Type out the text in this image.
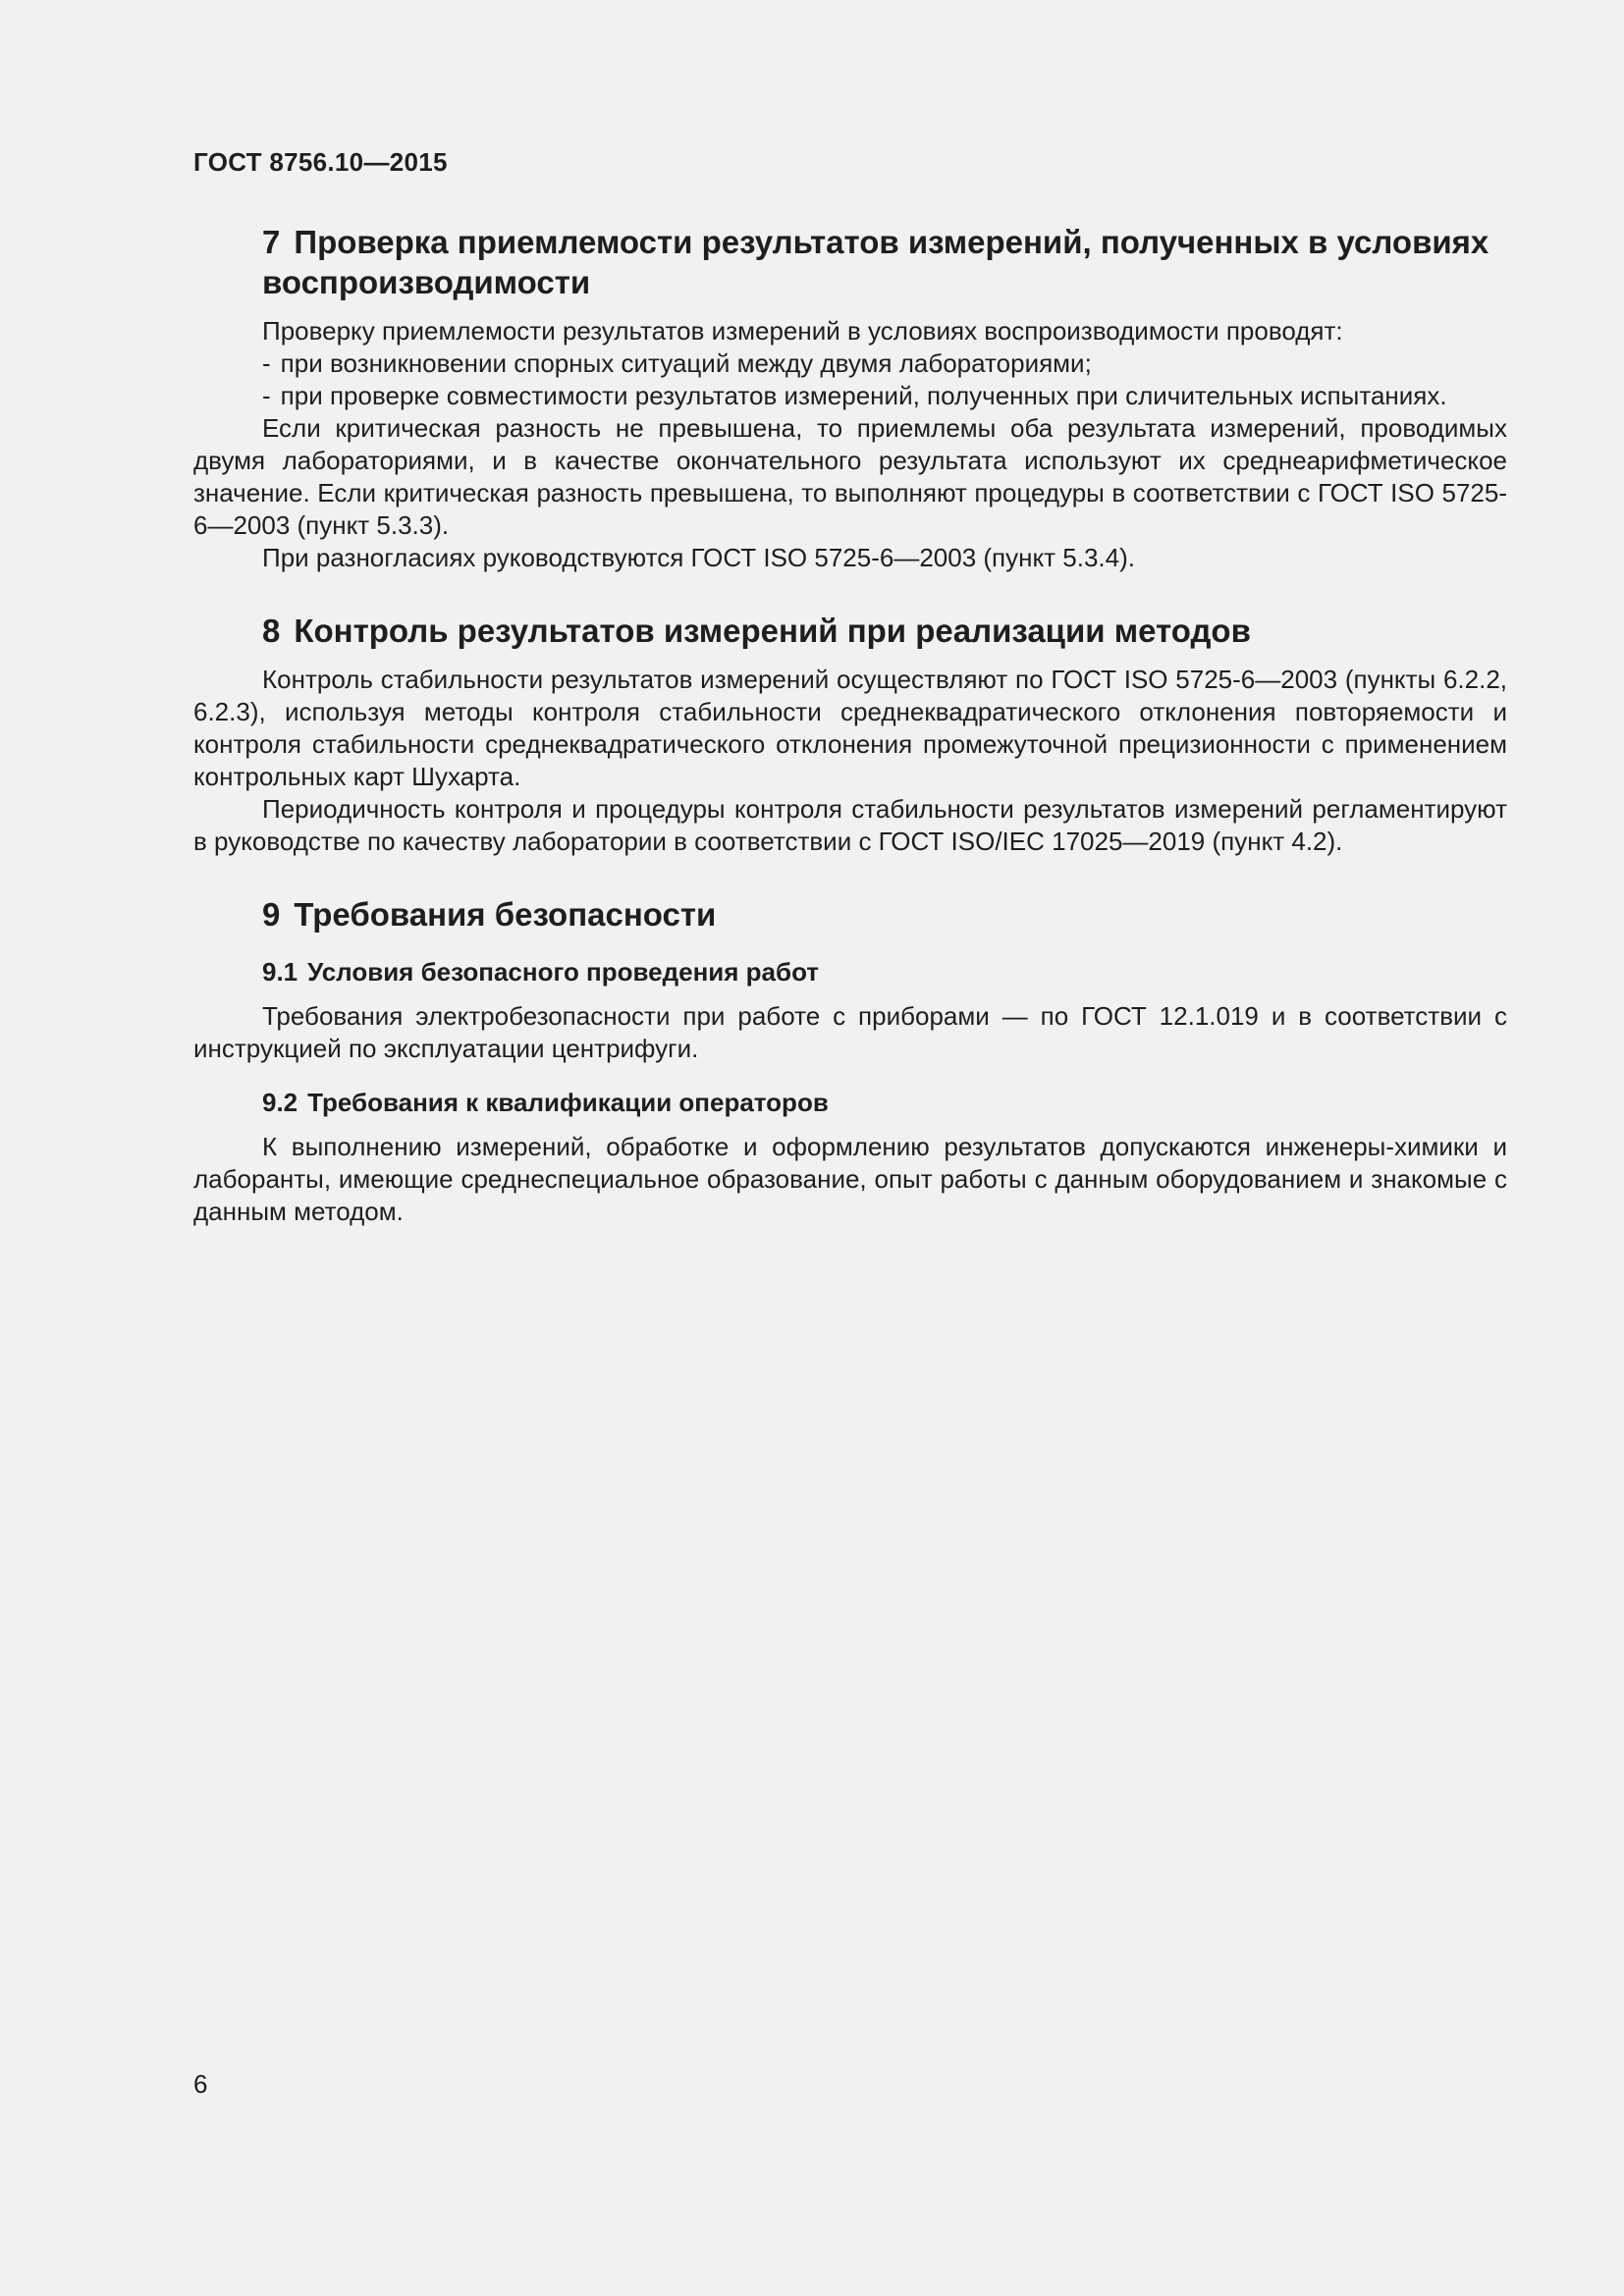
ГОСТ 8756.10—2015
7 Проверка приемлемости результатов измерений, полученных в условиях воспроизводимости

Проверку приемлемости результатов измерений в условиях воспроизводимости проводят:

- при возникновении спорных ситуаций между двумя лабораториями;

- при проверке совместимости результатов измерений, полученных при сличительных испытаниях.

Если критическая разность не превышена, то приемлемы оба результата измерений, проводимых двумя лабораториями, и в качестве окончательного результата используют их среднеарифметическое значение. Если критическая разность превышена, то выполняют процедуры в соответствии с ГОСТ ISO 5725-6—2003 (пункт 5.3.3).

При разногласиях руководствуются ГОСТ ISO 5725-6—2003 (пункт 5.3.4).

8 Контроль результатов измерений при реализации методов

Контроль стабильности результатов измерений осуществляют по ГОСТ ISO 5725-6—2003 (пункты 6.2.2, 6.2.3), используя методы контроля стабильности среднеквадратического отклонения повторяемости и контроля стабильности среднеквадратического отклонения промежуточной прецизионности с применением контрольных карт Шухарта.

Периодичность контроля и процедуры контроля стабильности результатов измерений регламентируют в руководстве по качеству лаборатории в соответствии с ГОСТ ISO/IEC 17025—2019 (пункт 4.2).

9 Требования безопасности
9.1 Условия безопасного проведения работ

Требования электробезопасности при работе с приборами — по ГОСТ 12.1.019 и в соответствии с инструкцией по эксплуатации центрифуги.

9.2 Требования к квалификации операторов

К выполнению измерений, обработке и оформлению результатов допускаются инженеры-химики и лаборанты, имеющие среднеспециальное образование, опыт работы с данным оборудованием и знакомые с данным методом.

6
